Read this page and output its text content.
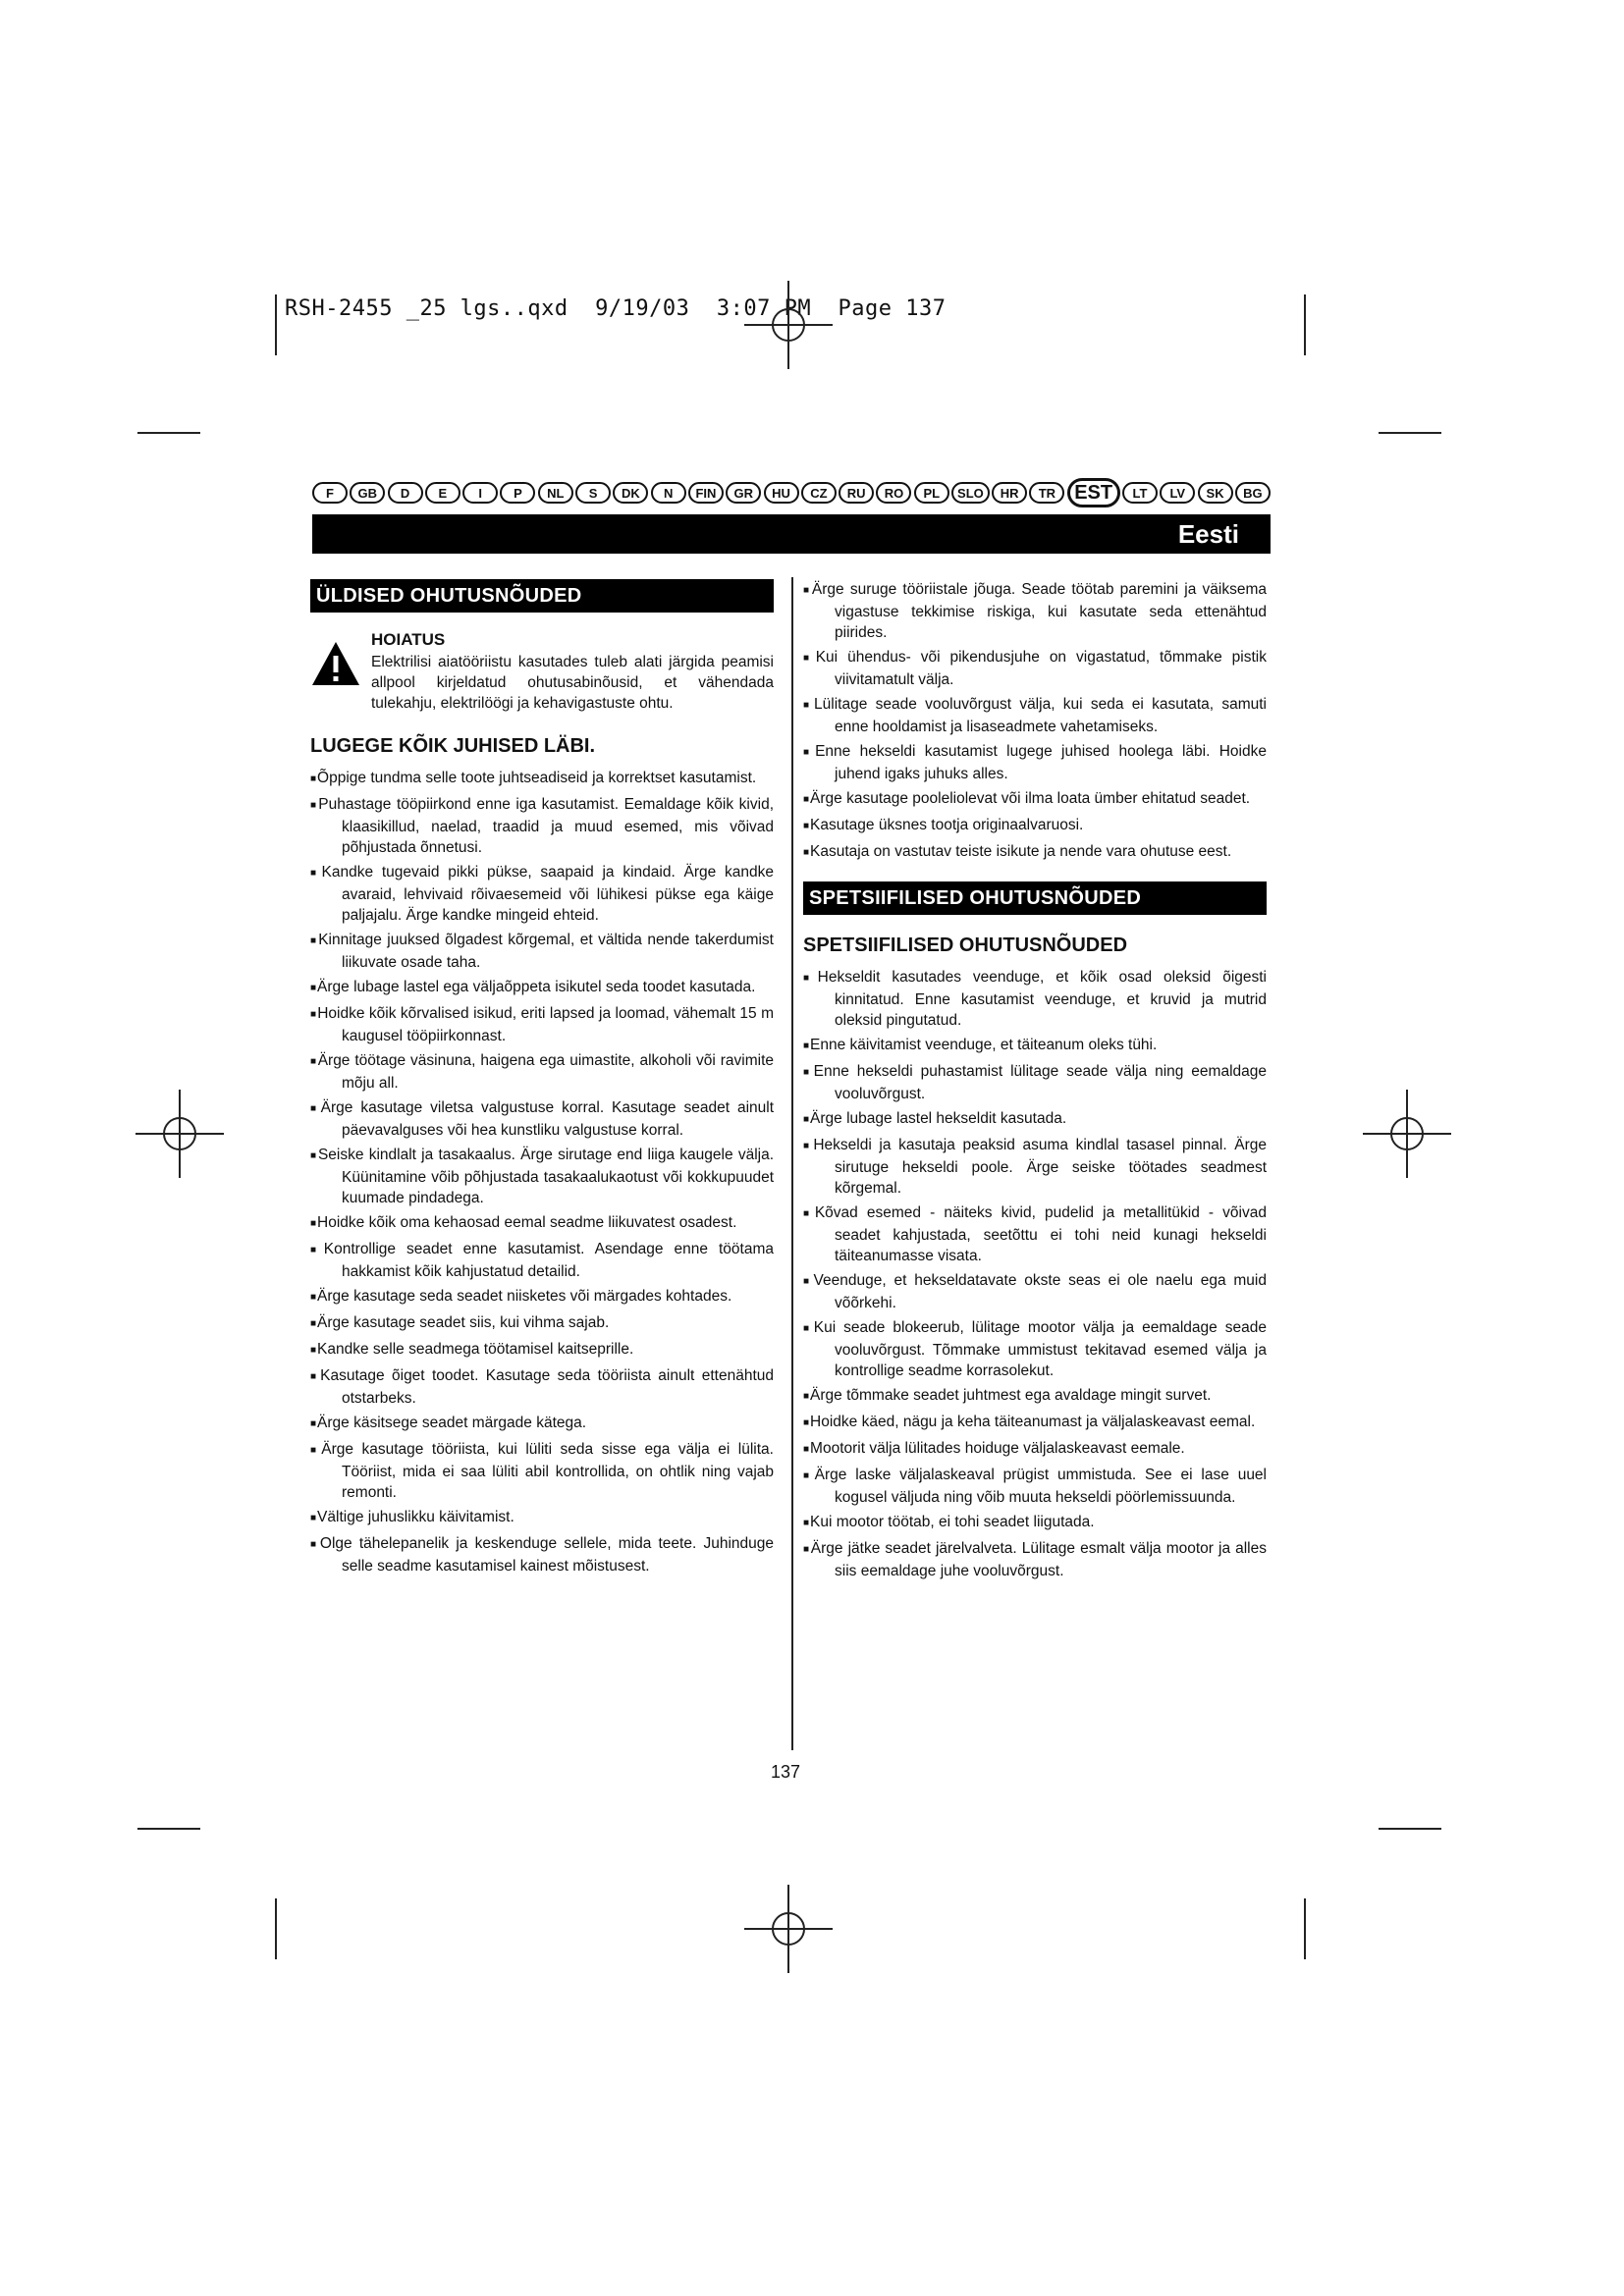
RSH-2455 _25 lgs..qxd  9/19/03  3:07 PM  Page 137
F	GB	D	E	I	P	NL	S	DK	N	FIN	GR	HU	CZ	RU	RO	PL	SLO	HR	TR EST	LT	LV	SK	BG
Eesti
ÜLDISED OHUTUSNÕUDED
HOIATUS
Elektrilisi aiatööriistu kasutades tuleb alati järgida peamisi allpool kirjeldatud ohutusabinõusid, et vähendada tulekahju, elektrilöögi ja kehavigastuste ohtu.
LUGEGE KÕIK JUHISED LÄBI.
■ Õppige tundma selle toote juhtseadiseid ja korrektset kasutamist.
■ Puhastage tööpiirkond enne iga kasutamist. Eemaldage kõik kivid, klaasikillud, naelad, traadid ja muud esemed, mis võivad põhjustada õnnetusi.
■ Kandke tugevaid pikki pükse, saapaid ja kindaid. Ärge kandke avaraid, lehvivaid rõivaesemeid või lühikesi pükse ega käige paljajalu. Ärge kandke mingeid ehteid.
■ Kinnitage juuksed õlgadest kõrgemal, et vältida nende takerdumist liikuvate osade taha.
■ Ärge lubage lastel ega väljaõppeta isikutel seda toodet kasutada.
■ Hoidke kõik kõrvalised isikud, eriti lapsed ja loomad, vähemalt 15 m kaugusel tööpiirkonnast.
■ Ärge töötage väsinuna, haigena ega uimastite, alkoholi või ravimite mõju all.
■ Ärge kasutage viletsa valgustuse korral. Kasutage seadet ainult päevavalguses või hea kunstliku valgustuse korral.
■ Seiske kindlalt ja tasakaalus. Ärge sirutage end liiga kaugele välja. Küünitamine võib põhjustada tasakaalukaotust või kokkupuudet kuumade pindadega.
■ Hoidke kõik oma kehaosad eemal seadme liikuvatest osadest.
■ Kontrollige seadet enne kasutamist. Asendage enne töötama hakkamist kõik kahjustatud detailid.
■ Ärge kasutage seda seadet niisketes või märgades kohtades.
■ Ärge kasutage seadet siis, kui vihma sajab.
■ Kandke selle seadmega töötamisel kaitseprille.
■ Kasutage õiget toodet. Kasutage seda tööriista ainult ettenähtud otstarbeks.
■ Ärge käsitsege seadet märgade kätega.
■ Ärge kasutage tööriista, kui lüliti seda sisse ega välja ei lülita. Tööriist, mida ei saa lüliti abil kontrollida, on ohtlik ning vajab remonti.
■ Vältige juhuslikku käivitamist.
■ Olge tähelepanelik ja keskenduge sellele, mida teete. Juhinduge selle seadme kasutamisel kainest mõistusest.
■ Ärge suruge tööriistale jõuga. Seade töötab paremini ja väiksema vigastuse tekkimise riskiga, kui kasutate seda ettenähtud piirides.
■ Kui ühendus- või pikendusjuhe on vigastatud, tõmmake pistik viivitamatult välja.
■ Lülitage seade vooluvõrgust välja, kui seda ei kasutata, samuti enne hooldamist ja lisaseadmete vahetamiseks.
■ Enne hekseldi kasutamist lugege juhised hoolega läbi. Hoidke juhend igaks juhuks alles.
■ Ärge kasutage pooleliolevat või ilma loata ümber ehitatud seadet.
■ Kasutage üksnes tootja originaalvaruosi.
■ Kasutaja on vastutav teiste isikute ja nende vara ohutuse eest.
SPETSIIFILISED OHUTUSNÕUDED
SPETSIIFILISED OHUTUSNÕUDED
■ Hekseldit kasutades veenduge, et kõik osad oleksid õigesti kinnitatud. Enne kasutamist veenduge, et kruvid ja mutrid oleksid pingutatud.
■ Enne käivitamist veenduge, et täiteanum oleks tühi.
■ Enne hekseldi puhastamist lülitage seade välja ning eemaldage vooluvõrgust.
■ Ärge lubage lastel hekseldit kasutada.
■ Hekseldi ja kasutaja peaksid asuma kindlal tasasel pinnal. Ärge sirutuge hekseldi poole. Ärge seiske töötades seadmest kõrgemal.
■ Kõvad esemed - näiteks kivid, pudelid ja metallitükid - võivad seadet kahjustada, seetõttu ei tohi neid kunagi hekseldi täiteanumasse visata.
■ Veenduge, et hekseldatavate okste seas ei ole naelu ega muid võõrkehi.
■ Kui seade blokeerub, lülitage mootor välja ja eemaldage seade vooluvõrgust. Tõmmake ummistust tekitavad esemed välja ja kontrollige seadme korrasolekut.
■ Ärge tõmmake seadet juhtmest ega avaldage mingit survet.
■ Hoidke käed, nägu ja keha täiteanumast ja väljalaskeavast eemal.
■ Mootorit välja lülitades hoiduge väljalaskeavast eemale.
■ Ärge laske väljalaskeaval prügist ummistuda. See ei lase uuel kogusel väljuda ning võib muuta hekseldi pöörlemissuunda.
■ Kui mootor töötab, ei tohi seadet liigutada.
■ Ärge jätke seadet järelvalveta. Lülitage esmalt välja mootor ja alles siis eemaldage juhe vooluvõrgust.
137
